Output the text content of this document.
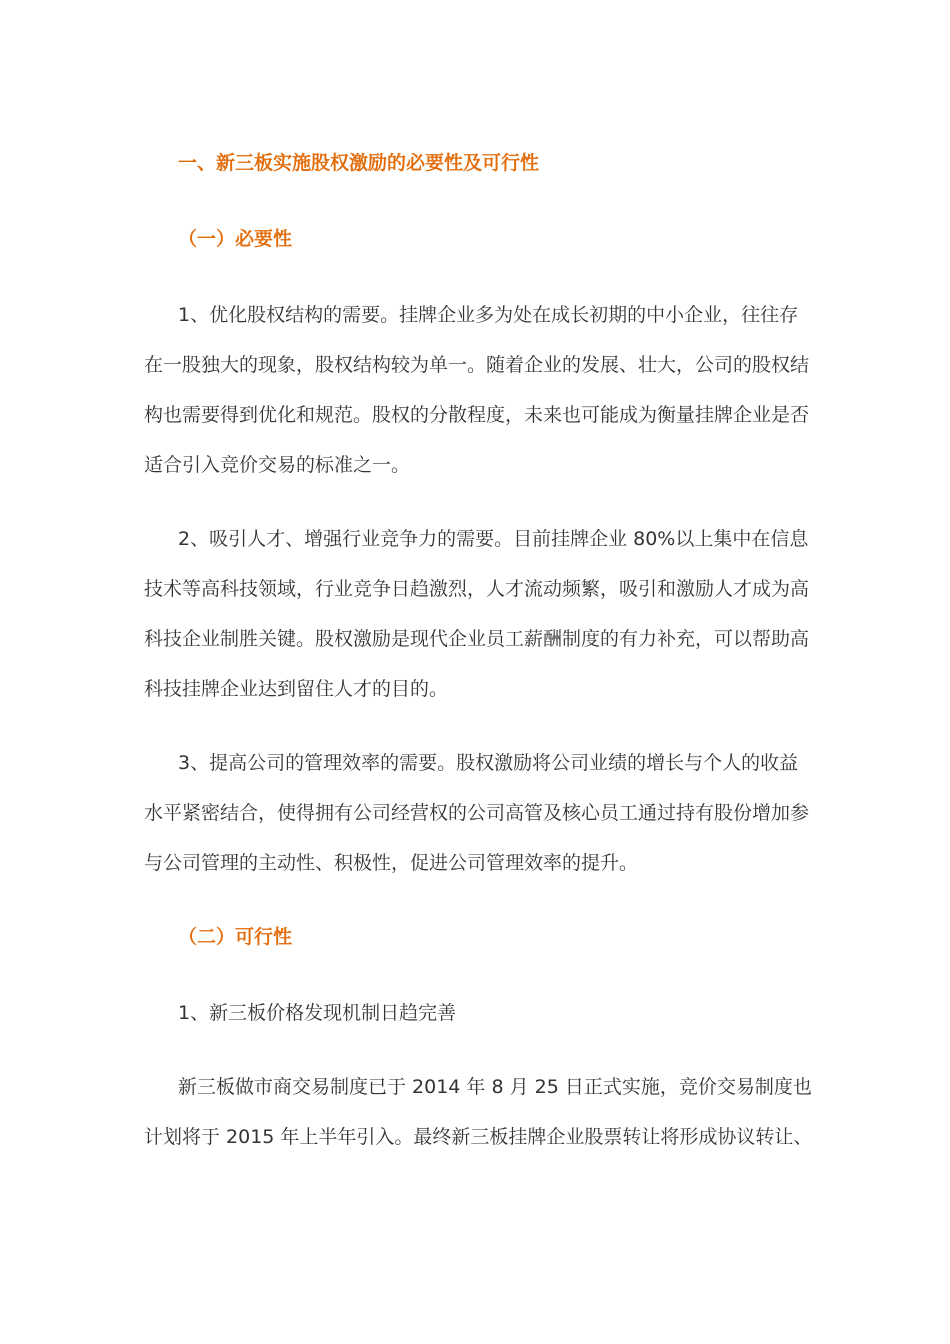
一、新三板实施股权激励的必要性及可行性
（一）必要性
1、优化股权结构的需要。挂牌企业多为处在成长初期的中小企业，往往存
在一股独大的现象，股权结构较为单一。随着企业的发展、壮大，公司的股权结
构也需要得到优化和规范。股权的分散程度，未来也可能成为衡量挂牌企业是否
适合引入竞价交易的标准之一。
2、吸引人才、增强行业竞争力的需要。目前挂牌企业 80%以上集中在信息
技术等高科技领域，行业竞争日趋激烈，人才流动频繁，吸引和激励人才成为高
科技企业制胜关键。股权激励是现代企业员工薪酬制度的有力补充，可以帮助高
科技挂牌企业达到留住人才的目的。
3、提高公司的管理效率的需要。股权激励将公司业绩的增长与个人的收益
水平紧密结合，使得拥有公司经营权的公司高管及核心员工通过持有股份增加参
与公司管理的主动性、积极性，促进公司管理效率的提升。
（二）可行性
1、新三板价格发现机制日趋完善
新三板做市商交易制度已于 2014 年 8 月 25 日正式实施，竞价交易制度也
计划将于 2015 年上半年引入。最终新三板挂牌企业股票转让将形成协议转让、
